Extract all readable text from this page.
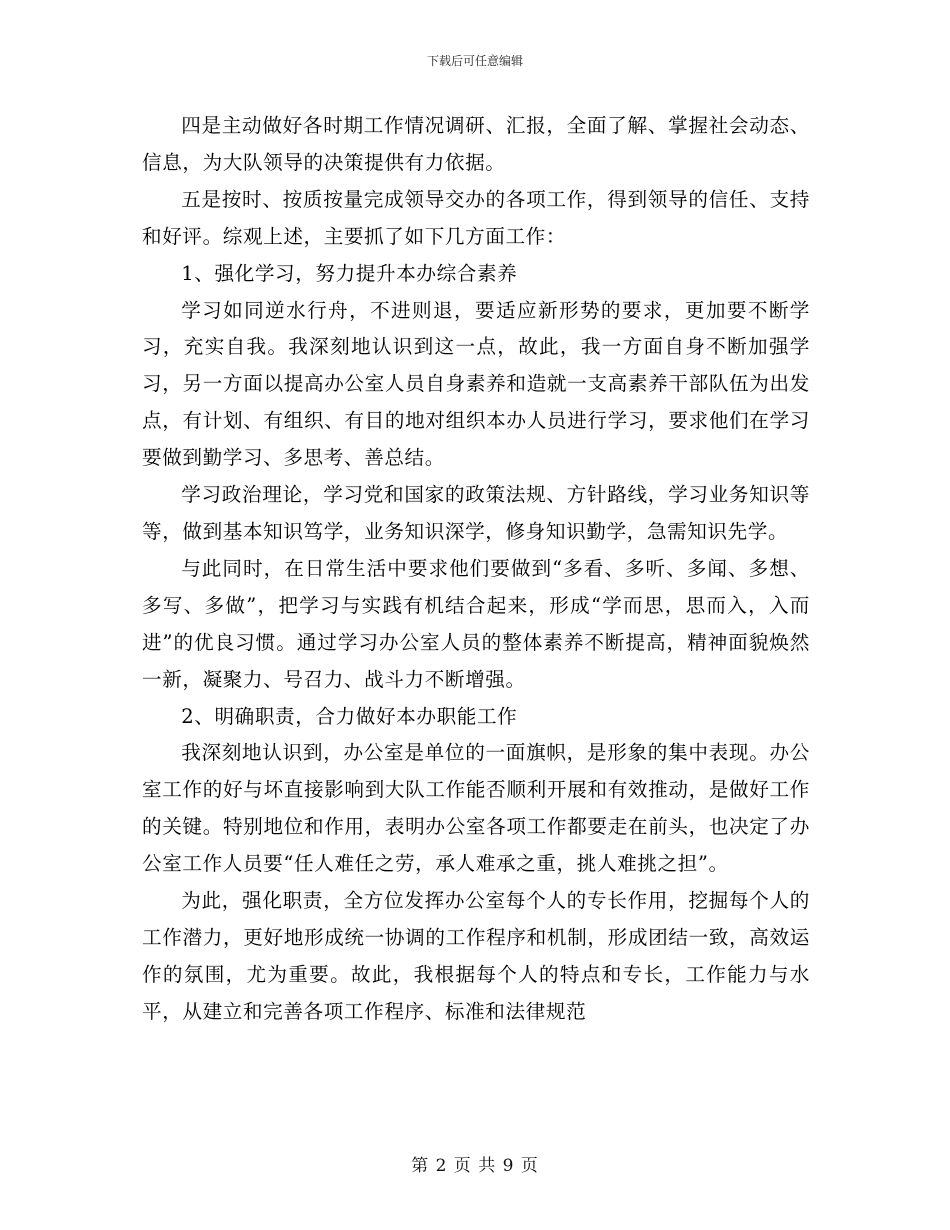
下载后可任意编辑

四是主动做好各时期工作情况调研、汇报，全面了解、掌握社会动态、信息，为大队领导的决策提供有力依据。

五是按时、按质按量完成领导交办的各项工作，得到领导的信任、支持和好评。综观上述，主要抓了如下几方面工作：

1、强化学习，努力提升本办综合素养

学习如同逆水行舟，不进则退，要适应新形势的要求，更加要不断学习，充实自我。我深刻地认识到这一点，故此，我一方面自身不断加强学习，另一方面以提高办公室人员自身素养和造就一支高素养干部队伍为出发点，有计划、有组织、有目的地对组织本办人员进行学习，要求他们在学习要做到勤学习、多思考、善总结。

学习政治理论，学习党和国家的政策法规、方针路线，学习业务知识等等，做到基本知识笃学，业务知识深学，修身知识勤学，急需知识先学。

与此同时，在日常生活中要求他们要做到“多看、多听、多闻、多想、多写、多做”，把学习与实践有机结合起来，形成“学而思，思而入，入而进”的优良习惯。通过学习办公室人员的整体素养不断提高，精神面貌焕然一新，凝聚力、号召力、战斗力不断增强。

2、明确职责，合力做好本办职能工作

我深刻地认识到，办公室是单位的一面旗帜，是形象的集中表现。办公室工作的好与坏直接影响到大队工作能否顺利开展和有效推动，是做好工作的关键。特别地位和作用，表明办公室各项工作都要走在前头，也决定了办公室工作人员要“任人难任之劳，承人难承之重，挑人难挑之担”。

为此，强化职责，全方位发挥办公室每个人的专长作用，挖掘每个人的工作潜力，更好地形成统一协调的工作程序和机制，形成团结一致，高效运作的氛围，尤为重要。故此，我根据每个人的特点和专长，工作能力与水平，从建立和完善各项工作程序、标准和法律规范

第 2 页 共 9 页
